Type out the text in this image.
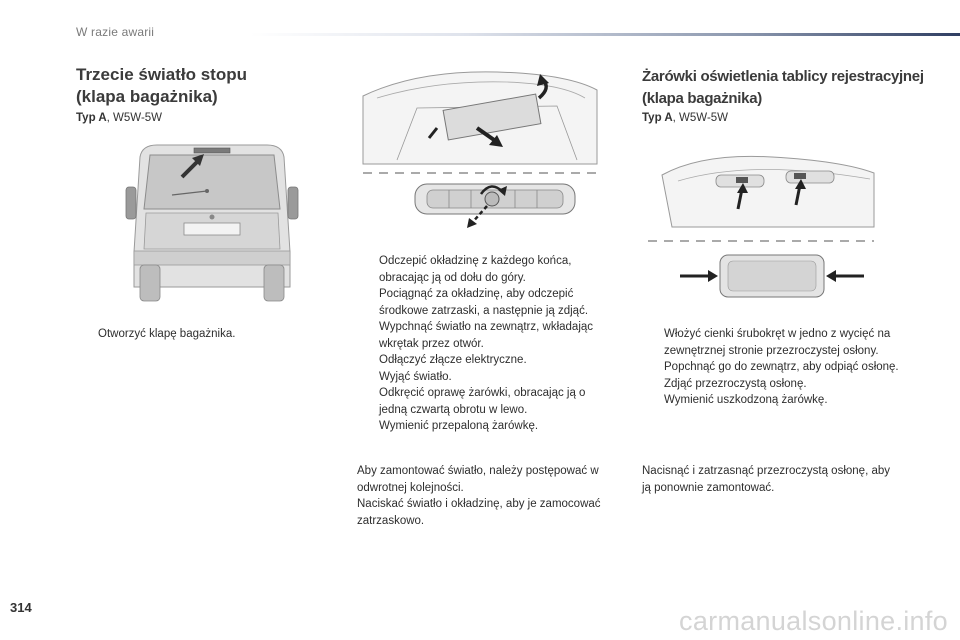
W razie awarii
Trzecie światło stopu
(klapa bagażnika)
Typ A, W5W-5W
Otworzyć klapę bagażnika.
Odczepić okładzinę z każdego końca, obracając ją od dołu do góry.
Pociągnąć za okładzinę, aby odczepić środkowe zatrzaski, a następnie ją zdjąć.
Wypchnąć światło na zewnątrz, wkładając wkrętak przez otwór.
Odłączyć złącze elektryczne.
Wyjąć światło.
Odkręcić oprawę żarówki, obracając ją o jedną czwartą obrotu w lewo.
Wymienić przepaloną żarówkę.

Aby zamontować światło, należy postępować w odwrotnej kolejności.

Naciskać światło i okładzinę, aby je zamocować zatrzaskowo.

Żarówki oświetlenia tablicy rejestracyjnej
(klapa bagażnika)
Typ A, W5W-5W
Włożyć cienki śrubokręt w jedno z wycięć na zewnętrznej stronie przezroczystej osłony.
Popchnąć go do zewnątrz, aby odpiąć osłonę.
Zdjąć przezroczystą osłonę.
Wymienić uszkodzoną żarówkę.

Nacisnąć i zatrzasnąć przezroczystą osłonę, aby ją ponownie zamontować.

314	carmanualsonline.info
